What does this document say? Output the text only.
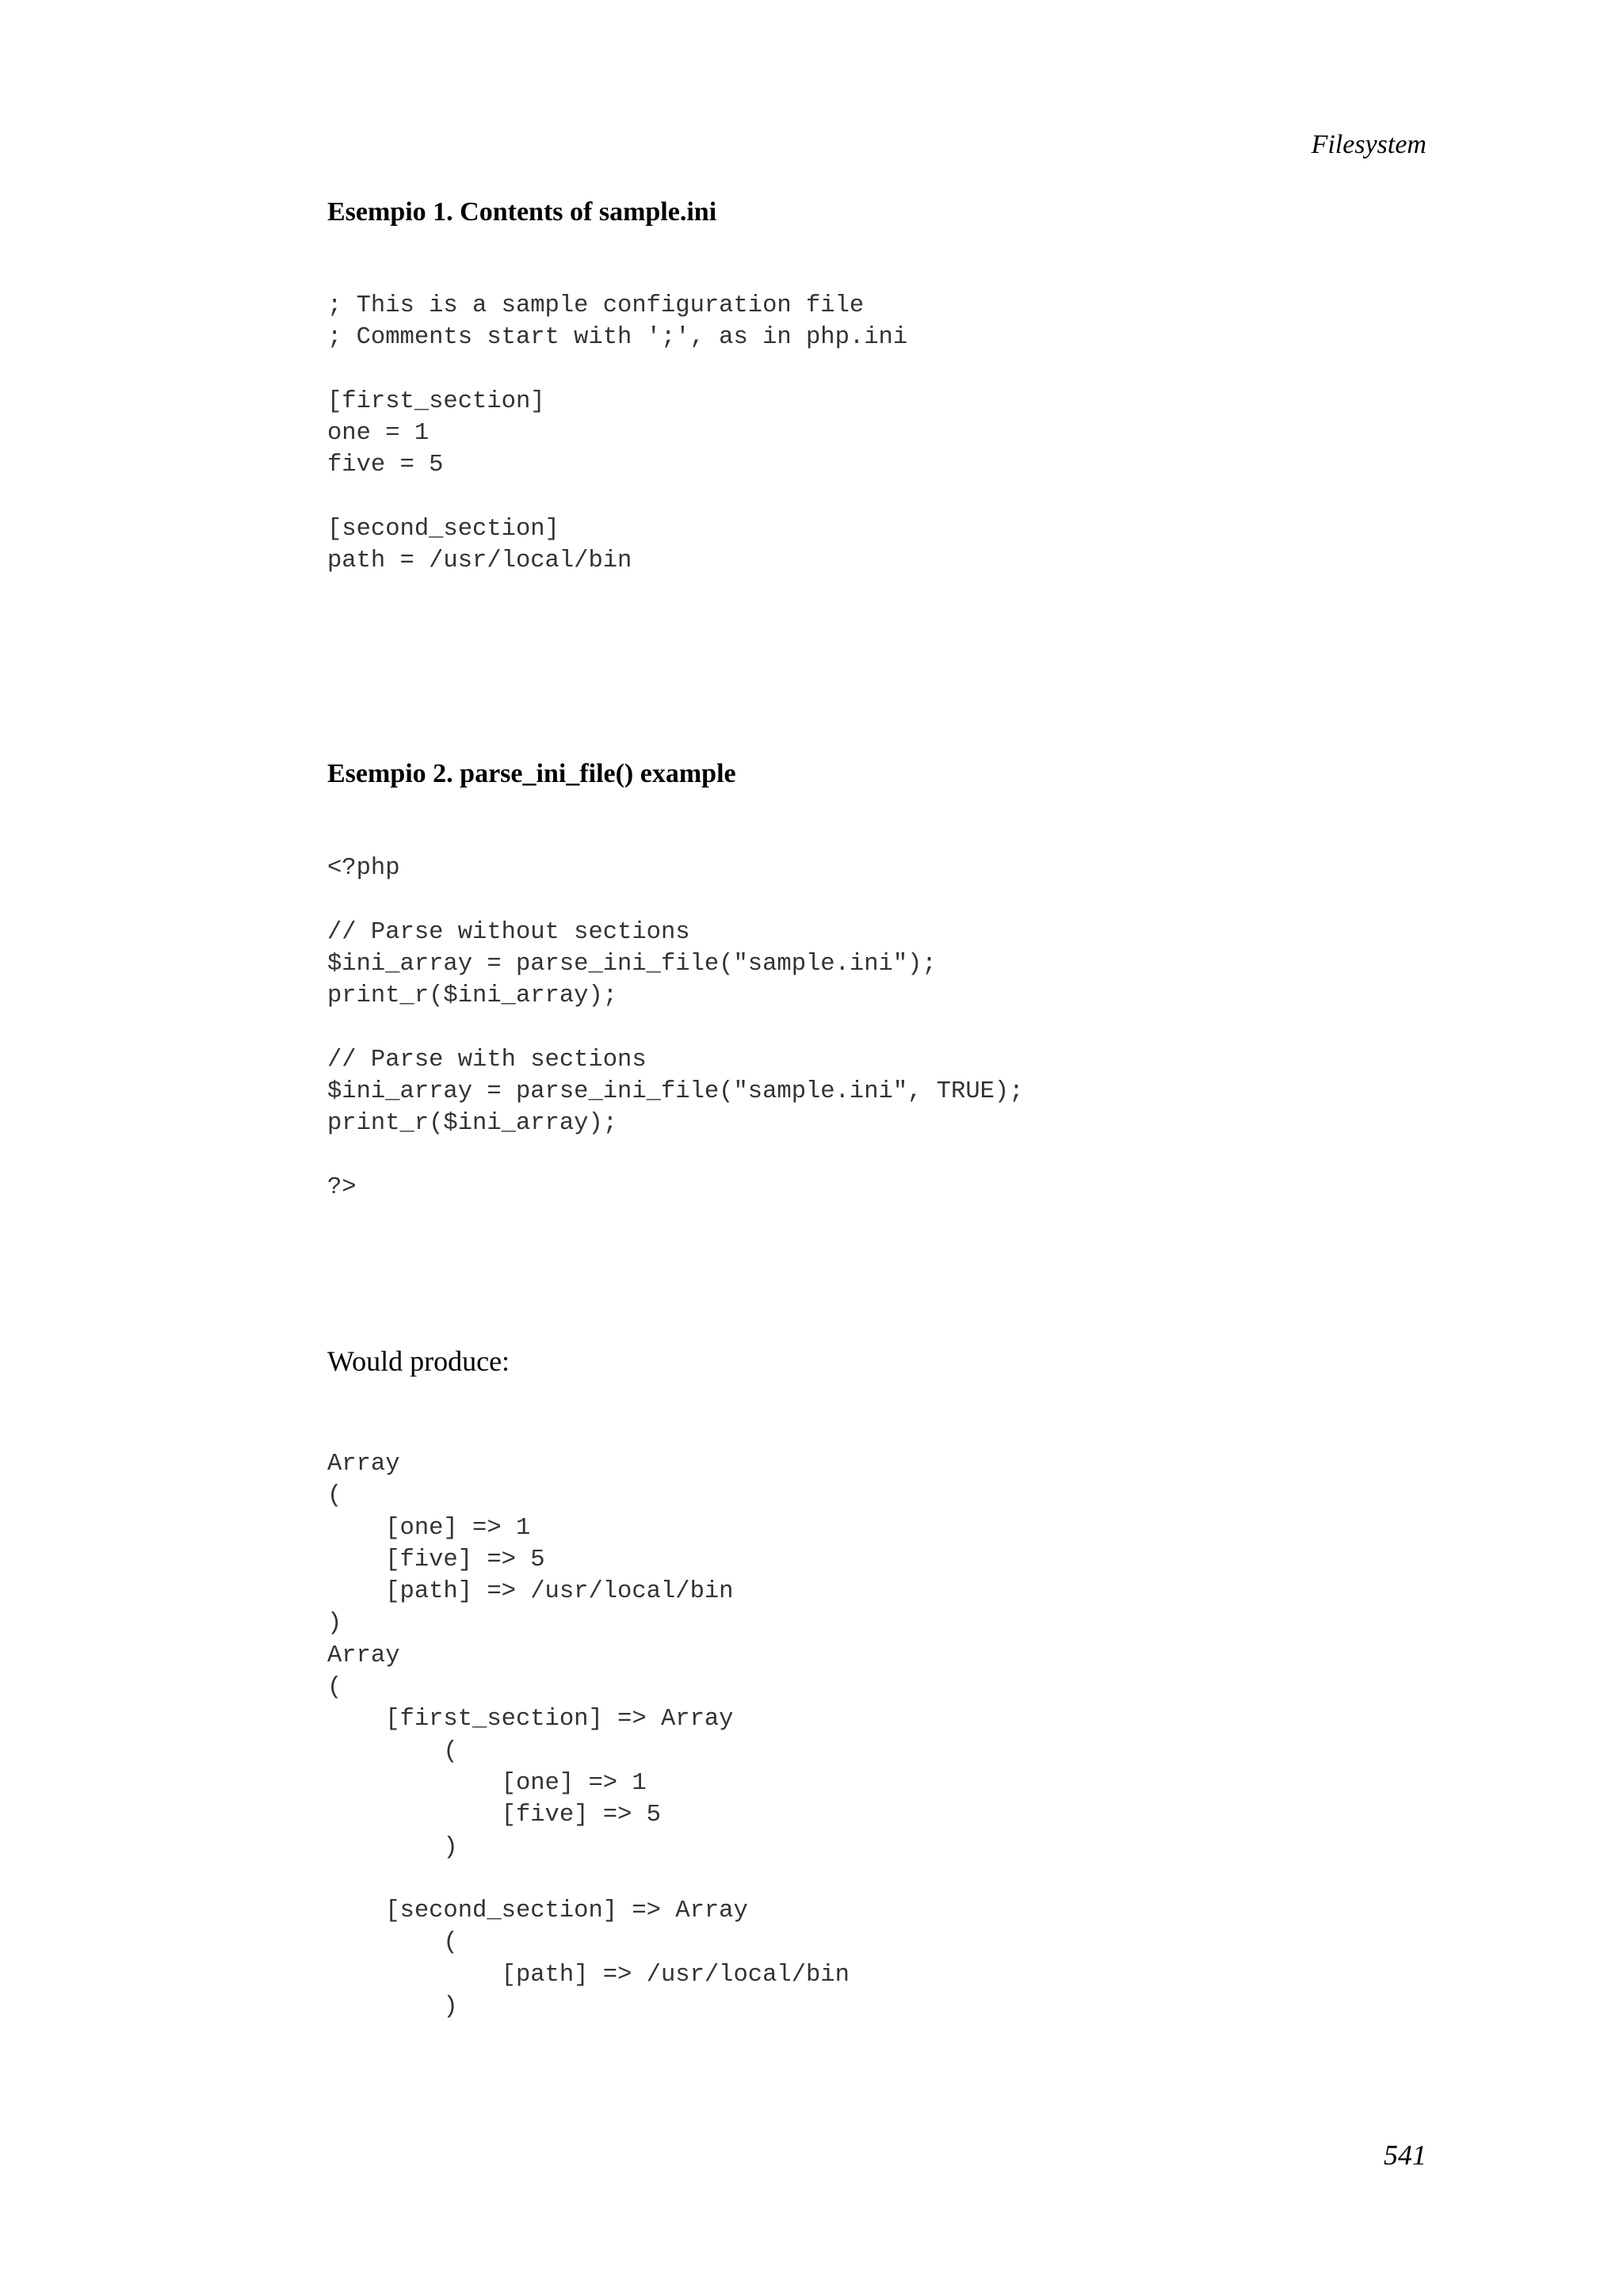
Filesystem
Esempio 1. Contents of sample.ini
; This is a sample configuration file
; Comments start with ';', as in php.ini
[first_section]
one = 1
five = 5
[second_section]
path = /usr/local/bin
Esempio 2. parse_ini_file() example
<?php
// Parse without sections
$ini_array = parse_ini_file("sample.ini");
print_r($ini_array);
// Parse with sections
$ini_array = parse_ini_file("sample.ini", TRUE);
print_r($ini_array);
?>

Would produce:

Array
(
[one] => 1
[five] => 5
[path] => /usr/local/bin
)
Array
(
[first_section] => Array
(
[one] => 1
[five] => 5
)
[second_section] => Array
(
[path] => /usr/local/bin
)
541
